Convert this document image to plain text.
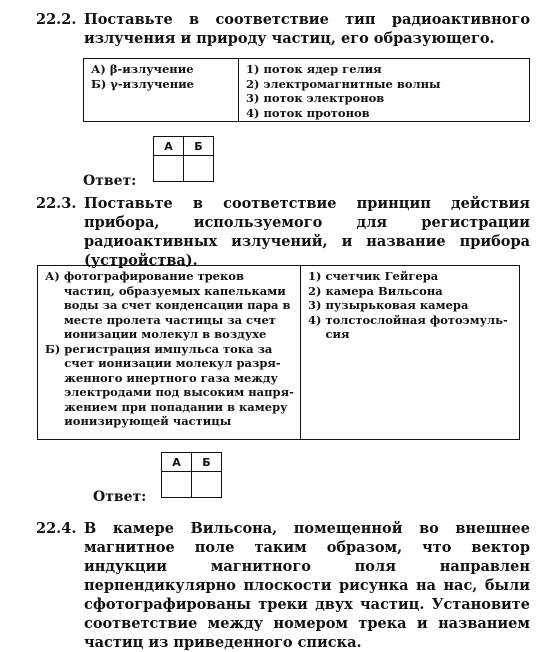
22.2. Поставьте в соответствие тип радиоактивного излучения и природу частиц, его образующего.
А) β-излучение
Б) γ-излучение
1) поток ядер гелия
2) электромагнитные волны
3) поток электронов
4) поток протонов
Ответ:
А	Б

22.3. Поставьте в соответствие принцип действия прибора, используемого для регистрации радиоактивных излучений, и название прибора (устройства).
А) фотографирование треков частиц, образуемых капельками воды за счет конденсации пара в месте пролета частицы за счет ионизации молекул в воздухе
Б) регистрация импульса тока за счет ионизации молекул разряженного инертного газа между электродами под высоким напряжением при попадании в камеру ионизирующей частицы
1) счетчик Гейгера
2) камера Вильсона
3) пузырьковая камера
4) толстослойная фотоэмульсия
Ответ:
А	Б

22.4. В камере Вильсона, помещенной во внешнее магнитное поле таким образом, что вектор индукции магнитного поля направлен перпендикулярно плоскости рисунка на нас, были сфотографированы треки двух частиц. Установите соответствие между номером трека и названием частиц из приведенного списка.
